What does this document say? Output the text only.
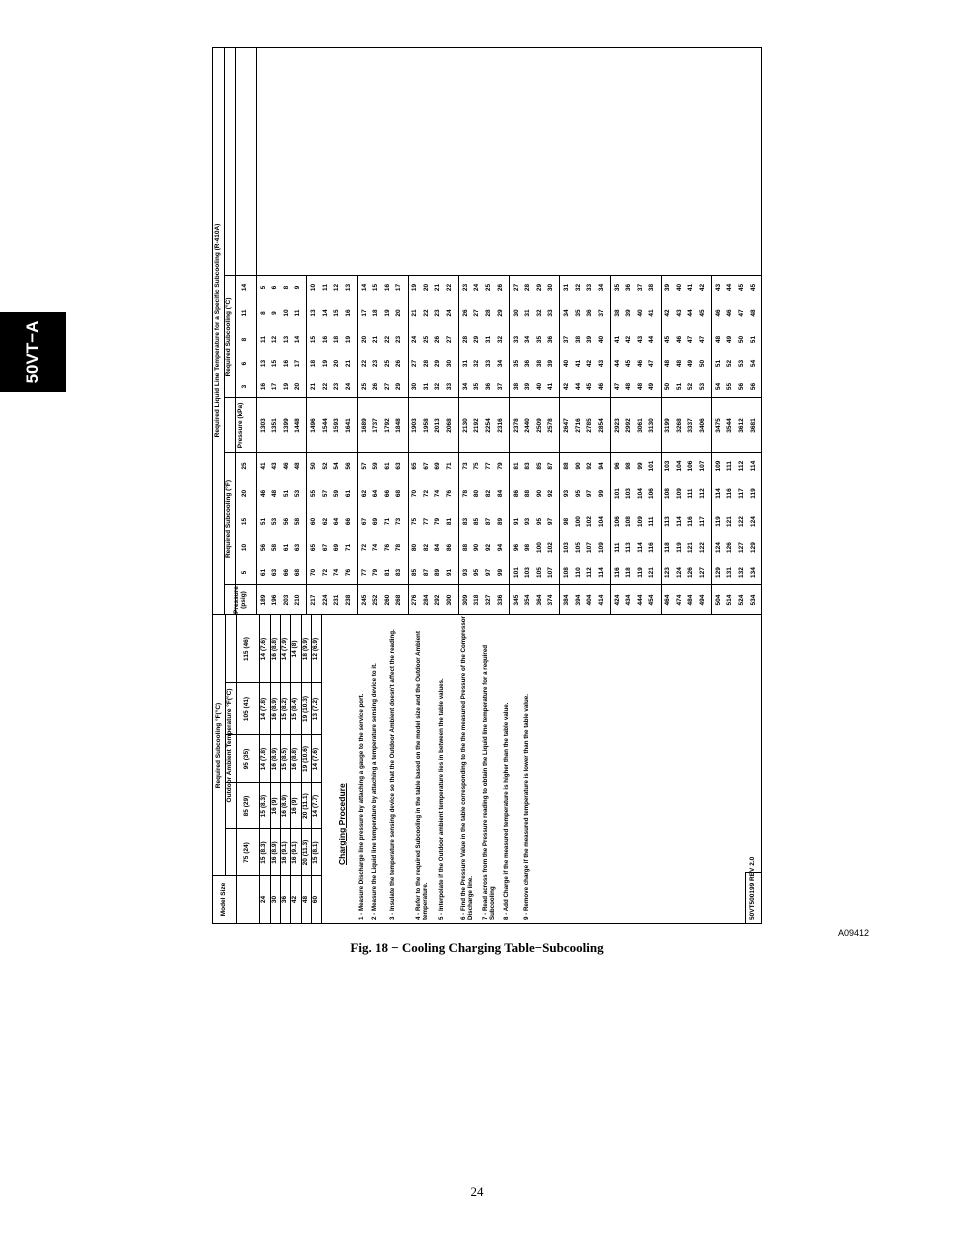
50VT−A
Required Subcooling °F(°C) Outdoor Ambient Temperature °F(°C)
Model Size
75 (24)
85 (29)
95 (35)
105 (41)
115 (46)
24
15 (8.3)
15 (8.3)
14 (7.8)
14 (7.8)
14 (7.6)
30
16 (8.9)
16 (9)
16 (8.9)
16 (8.9)
16 (8.8)
36
16 (9.1)
16 (8.9)
15 (8.5)
15 (8.2)
14 (7.9)
42
16 (9.1)
16 (9)
16 (8.8)
15 (8.4)
14 (8)
48
20 (11.3)
20 (11.1)
19 (10.6)
19 (10.3)
18 (9.9)
60
15 (8.1)
14 (7.7)
14 (7.6)
13 (7.2)
12 (6.9)
Charging Procedure 1 - Measure Discharge line pressure by attaching a gauge to the service port. 2 - Measure the Liquid line temperature by attaching a temperature sensing device to it. 3 - Insulate the temperature sensing device so that the Outdoor Ambient doesn't affect the reading.	4 - Refer to the required Subcooling in the table based on the model size and the Outdoor Ambient temperature. 5 - Interpolate if the Outdoor ambient temperature lies in between the table values. 6 - Find the Pressure Value in the table corresponding to the the measured Pressure of the Compressor Discharge line. 7 - Read across from the Pressure reading to obtain the Liquid line temperature for a required Subcooling 8 - Add Charge if the measured temperature is higher than the table value. 9 - Remove charge if the measured temperature is lower than the table value.	50VT500199 REV 2.0
Required Liquid Line Temperature for a Specific Subcooling (R-410A)
Required Subcooling (°F)
Required Subcooling (°C)
Pressure (psig)
Pressure (kPa)
5
10
15
20
25
3
6
8
11
14
189
61
56
51
46
41
1303
16
13
11
8
5
196
63
58
53
48
43
1351
17
15
12
9
6
203
66
61
56
51
46
1399
19
16
13
10
8
210
68
63
58
53
48
1448
20
17
14
11
9
217
70
65
60
55
50
1496
21
18
15
13
10
224
72
67
62
57
52
1544
22
19
16
14
11
231
74
69
64
59
54
1593
23
20
18
15
12
238
76
71
66
61
56
1641
24
21
19
16
13
245
77
72
67
62
57
1689
25
22
20
17
14
252
79
74
69
64
59
1737
26
23
21
18
15
260
81
76
71
66
61
1792
27
25
22
19
16
268
83
78
73
68
63
1848
29
26
23
20
17
276
85
80
75
70
65
1903
30
27
24
21
19
284
87
82
77
72
67
1958
31
28
25
22
20
292
89
84
79
74
69
2013
32
29
26
23
21
300
91
86
81
76
71
2068
33
30
27
24
22
309
93
88
83
78
73
2130
34
31
28
26
23
318
95
90
85
80
75
2192
35
32
29
27
24
327
97
92
87
82
77
2254
36
33
31
28
25
336
99
94
89
84
79
2316
37
34
32
29
26
345
101
96
91
86
81
2378
38
35
33
30
27
354
103
98
93
88
83
2440
39
36
34
31
28
364
105
100
95
90
85
2509
40
38
35
32
29
374
107
102
97
92
87
2578
41
39
36
33
30
384
108
103
98
93
88
2647
42
40
37
34
31
394
110
105
100
95
90
2716
44
41
38
35
32
404
112
107
102
97
92
2785
45
42
39
36
33
414
114
109
104
99
94
2854
46
43
40
37
34
424
116
111
106
101
96
2923
47
44
41
38
35
434
118
113
108
103
98
2992
48
45
42
39
36
444
119
114
109
104
99
3061
48
46
43
40
37
454
121
116
111
106
101
3130
49
47
44
41
38
464
123
118
113
108
103
3199
50
48
45
42
39
474
124
119
114
109
104
3268
51
48
46
43
40
484
126
121
116
111
106
3337
52
49
47
44
41
494
127
122
117
112
107
3406
53
50
47
45
42
504
129
124
119
114
109
3475
54
51
48
46
43
514
131
126
121
116
111
3544
55
52
49
46
44
524
132
127
122
117
112
3612
56
53
50
47
45
534
134
129
124
119
114
3681
56
54
51
48
45
A09412
Fig. 18 − Cooling Charging Table−Subcooling
24
